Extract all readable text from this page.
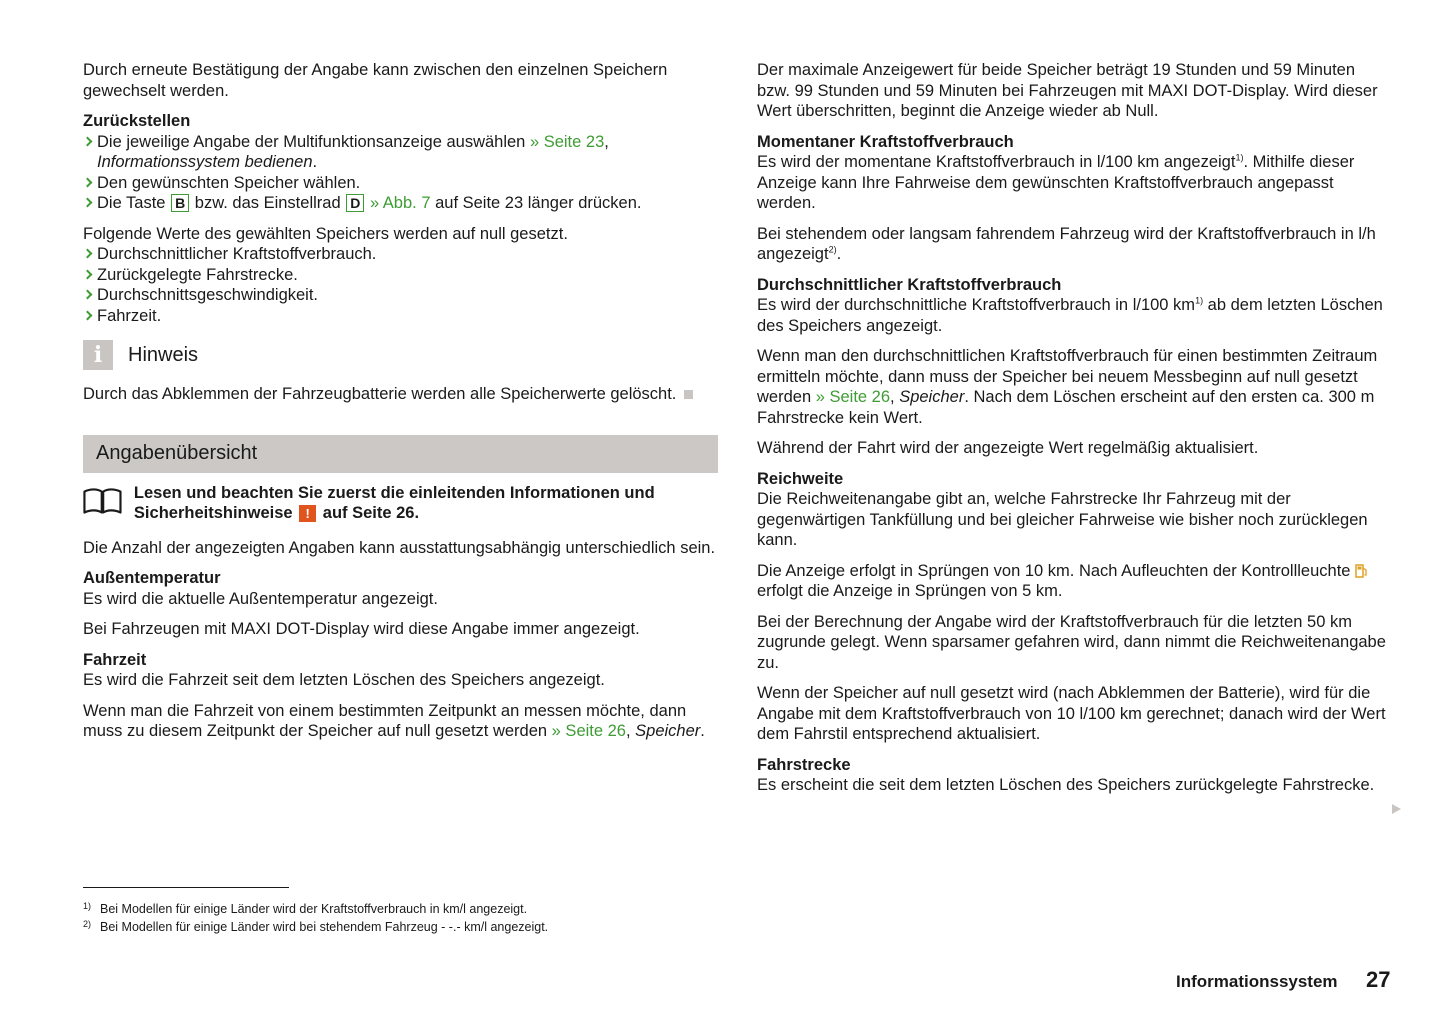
Durch erneute Bestätigung der Angabe kann zwischen den einzelnen Speichern gewechselt werden.

Zurückstellen

Die jeweilige Angabe der Multifunktionsanzeige auswählen » Seite 23, Informationssystem bedienen.
Den gewünschten Speicher wählen.
Die Taste B bzw. das Einstellrad D » Abb. 7 auf Seite 23 länger drücken.

Folgende Werte des gewählten Speichers werden auf null gesetzt.

Durchschnittlicher Kraftstoffverbrauch.
Zurückgelegte Fahrstrecke.
Durchschnittsgeschwindigkeit.
Fahrzeit.
i	Hinweis

Durch das Abklemmen der Fahrzeugbatterie werden alle Speicherwerte gelöscht.

Angabenübersicht
Lesen und beachten Sie zuerst die einleitenden Informationen und Sicherheitshinweise ! auf Seite 26.

Die Anzahl der angezeigten Angaben kann ausstattungsabhängig unterschiedlich sein.

Außentemperatur

Es wird die aktuelle Außentemperatur angezeigt.

Bei Fahrzeugen mit MAXI DOT-Display wird diese Angabe immer angezeigt.

Fahrzeit

Es wird die Fahrzeit seit dem letzten Löschen des Speichers angezeigt.

Wenn man die Fahrzeit von einem bestimmten Zeitpunkt an messen möchte, dann muss zu diesem Zeitpunkt der Speicher auf null gesetzt werden » Seite 26, Speicher.

Der maximale Anzeigewert für beide Speicher beträgt 19 Stunden und 59 Minuten bzw. 99 Stunden und 59 Minuten bei Fahrzeugen mit MAXI DOT-Display. Wird dieser Wert überschritten, beginnt die Anzeige wieder ab Null.

Momentaner Kraftstoffverbrauch

Es wird der momentane Kraftstoffverbrauch in l/100 km angezeigt$^{1)}$. Mithilfe dieser Anzeige kann Ihre Fahrweise dem gewünschten Kraftstoffverbrauch angepasst werden.

Bei stehendem oder langsam fahrendem Fahrzeug wird der Kraftstoffverbrauch in l/h angezeigt$^{2)}$.

Durchschnittlicher Kraftstoffverbrauch

Es wird der durchschnittliche Kraftstoffverbrauch in l/100 $km^{1)}$ ab dem letzten Löschen des Speichers angezeigt.

Wenn man den durchschnittlichen Kraftstoffverbrauch für einen bestimmten Zeitraum ermitteln möchte, dann muss der Speicher bei neuem Messbeginn auf null gesetzt werden » Seite 26, Speicher. Nach dem Löschen erscheint auf den ersten ca. 300 m Fahrstrecke kein Wert.

Während der Fahrt wird der angezeigte Wert regelmäßig aktualisiert.

Reichweite

Die Reichweitenangabe gibt an, welche Fahrstrecke Ihr Fahrzeug mit der gegenwärtigen Tankfüllung und bei gleicher Fahrweise wie bisher noch zurücklegen kann.

Die Anzeige erfolgt in Sprüngen von 10 km. Nach Aufleuchten der Kontrollleuchte  erfolgt die Anzeige in Sprüngen von 5 km.

Bei der Berechnung der Angabe wird der Kraftstoffverbrauch für die letzten 50 km zugrunde gelegt. Wenn sparsamer gefahren wird, dann nimmt die Reichweitenangabe zu.

Wenn der Speicher auf null gesetzt wird (nach Abklemmen der Batterie), wird für die Angabe mit dem Kraftstoffverbrauch von 10 l/100 km gerechnet; danach wird der Wert dem Fahrstil entsprechend aktualisiert.

Fahrstrecke

Es erscheint die seit dem letzten Löschen des Speichers zurückgelegte Fahrstrecke.

1) Bei Modellen für einige Länder wird der Kraftstoffverbrauch in km/l angezeigt.
2) Bei Modellen für einige Länder wird bei stehendem Fahrzeug - -.- km/l angezeigt.
Informationssystem 27
